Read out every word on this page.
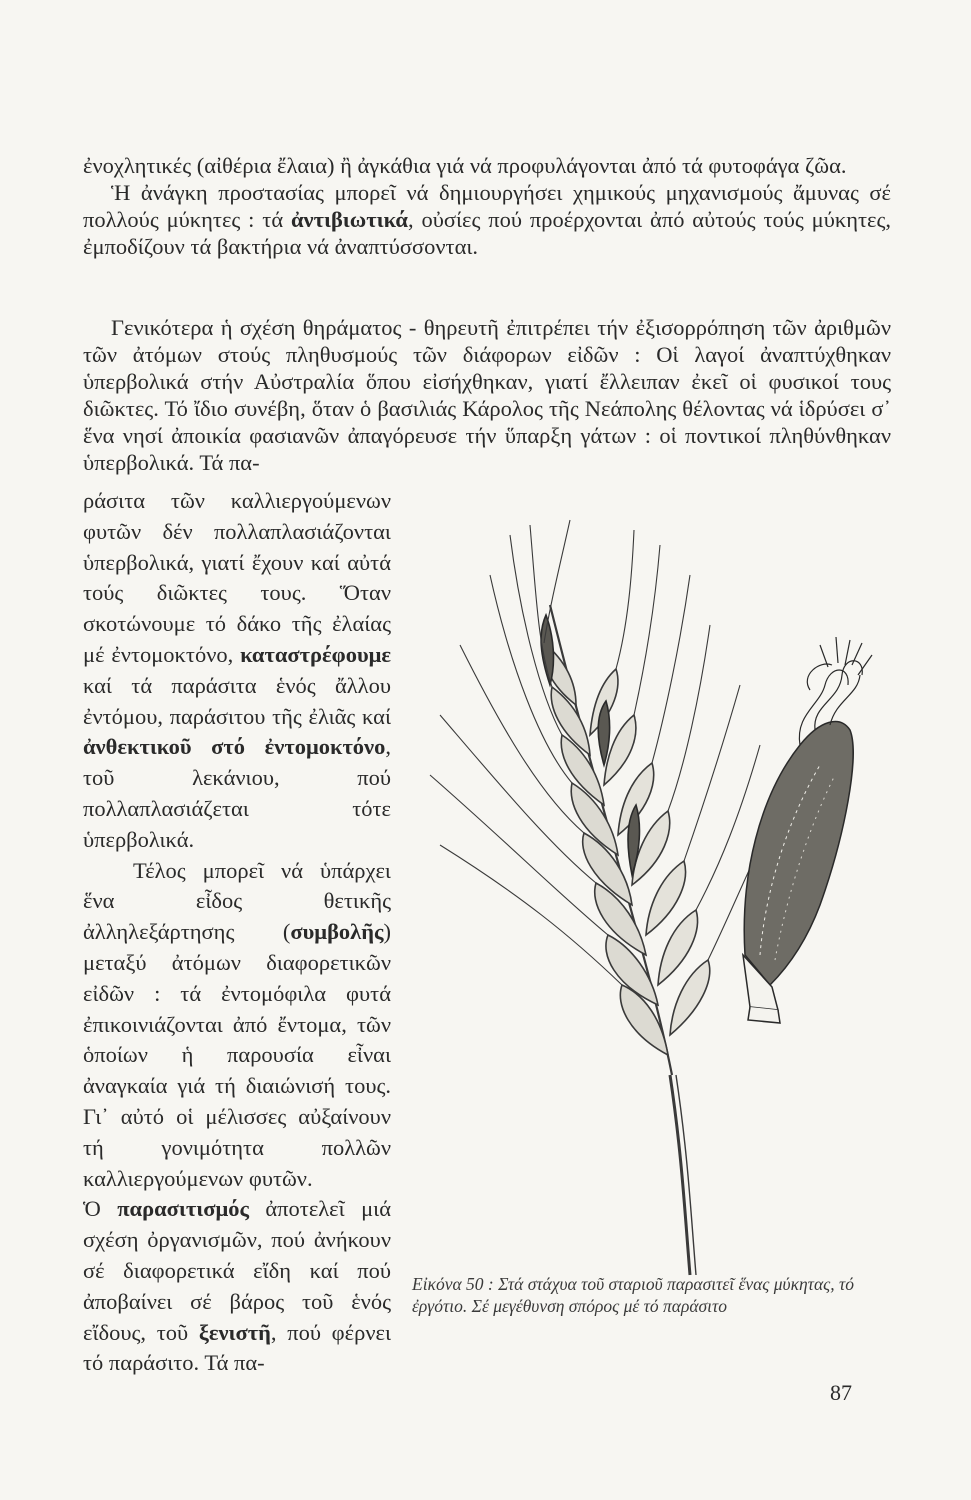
ἐνοχλητικές (αἰθέρια ἔλαια) ἢ ἀγκάθια γιά νά προφυλάγονται ἀπό τά φυτοφάγα ζῶα.

Ἡ ἀνάγκη προστασίας μπορεῖ νά δημιουργήσει χημικούς μηχανισμούς ἄμυνας σέ πολλούς μύκητες : τά ἀντιβιωτικά, οὐσίες πού προέρχονται ἀπό αὐτούς τούς μύκητες, ἐμποδίζουν τά βακτήρια νά ἀναπτύσσονται.

Γενικότερα ἡ σχέση θηράματος - θηρευτῆ ἐπιτρέπει τήν ἐξισορρόπηση τῶν ἀριθμῶν τῶν ἀτόμων στούς πληθυσμούς τῶν διάφορων εἰδῶν : Οἱ λαγοί ἀναπτύχθηκαν ὑπερβολικά στήν Αὐστραλία ὅπου εἰσήχθηκαν, γιατί ἔλλειπαν ἐκεῖ οἱ φυσικοί τους διῶκτες. Τό ἴδιο συνέβη, ὅταν ὁ βασιλιάς Κάρολος τῆς Νεάπολης θέλοντας νά ἱδρύσει σ᾽ ἕνα νησί ἀποικία φασιανῶν ἀπαγόρευσε τήν ὕπαρξη γάτων : οἱ ποντικοί πληθύνθηκαν ὑπερβολικά. Τά πα-

ράσιτα τῶν καλλιεργούμενων φυτῶν δέν πολλαπλασιάζονται ὑπερβολικά, γιατί ἔχουν καί αὐτά τούς διῶκτες τους. Ὅταν σκοτώνουμε τό δάκο τῆς ἐλαίας μέ ἐντομοκτόνο, καταστρέφουμε καί τά παράσιτα ἑνός ἄλλου ἐντόμου, παράσιτου τῆς ἐλιᾶς καί ἀνθεκτικοῦ στό ἐντομοκτόνο, τοῦ λεκάνιου, πού πολλαπλασιάζεται τότε ὑπερβολικά.

Τέλος μπορεῖ νά ὑπάρχει ἕνα εἶδος θετικῆς ἀλληλεξάρτησης (συμβολῆς) μεταξύ ἀτόμων διαφορετικῶν εἰδῶν : τά ἐντομόφιλα φυτά ἐπικοινιάζονται ἀπό ἔντομα, τῶν ὁποίων ἡ παρουσία εἶναι ἀναγκαία γιά τή διαιώνισή τους. Γι᾽ αὐτό οἱ μέλισσες αὐξαίνουν τή γονιμότητα πολλῶν καλλιεργούμενων φυτῶν.

Ὁ παρασιτισμός ἀποτελεῖ μιά σχέση ὀργανισμῶν, πού ἀνήκουν σέ διαφορετικά εἴδη καί πού ἀποβαίνει σέ βάρος τοῦ ἑνός εἴδους, τοῦ ξενιστῆ, πού φέρνει τό παράσιτο. Τά πα-

Εἰκόνα 50 : Στά στάχυα τοῦ σταριοῦ παρασιτεῖ ἕνας μύκητας, τό ἐργότιο. Σέ μεγέθυνση σπόρος μέ τό παράσιτο
87
